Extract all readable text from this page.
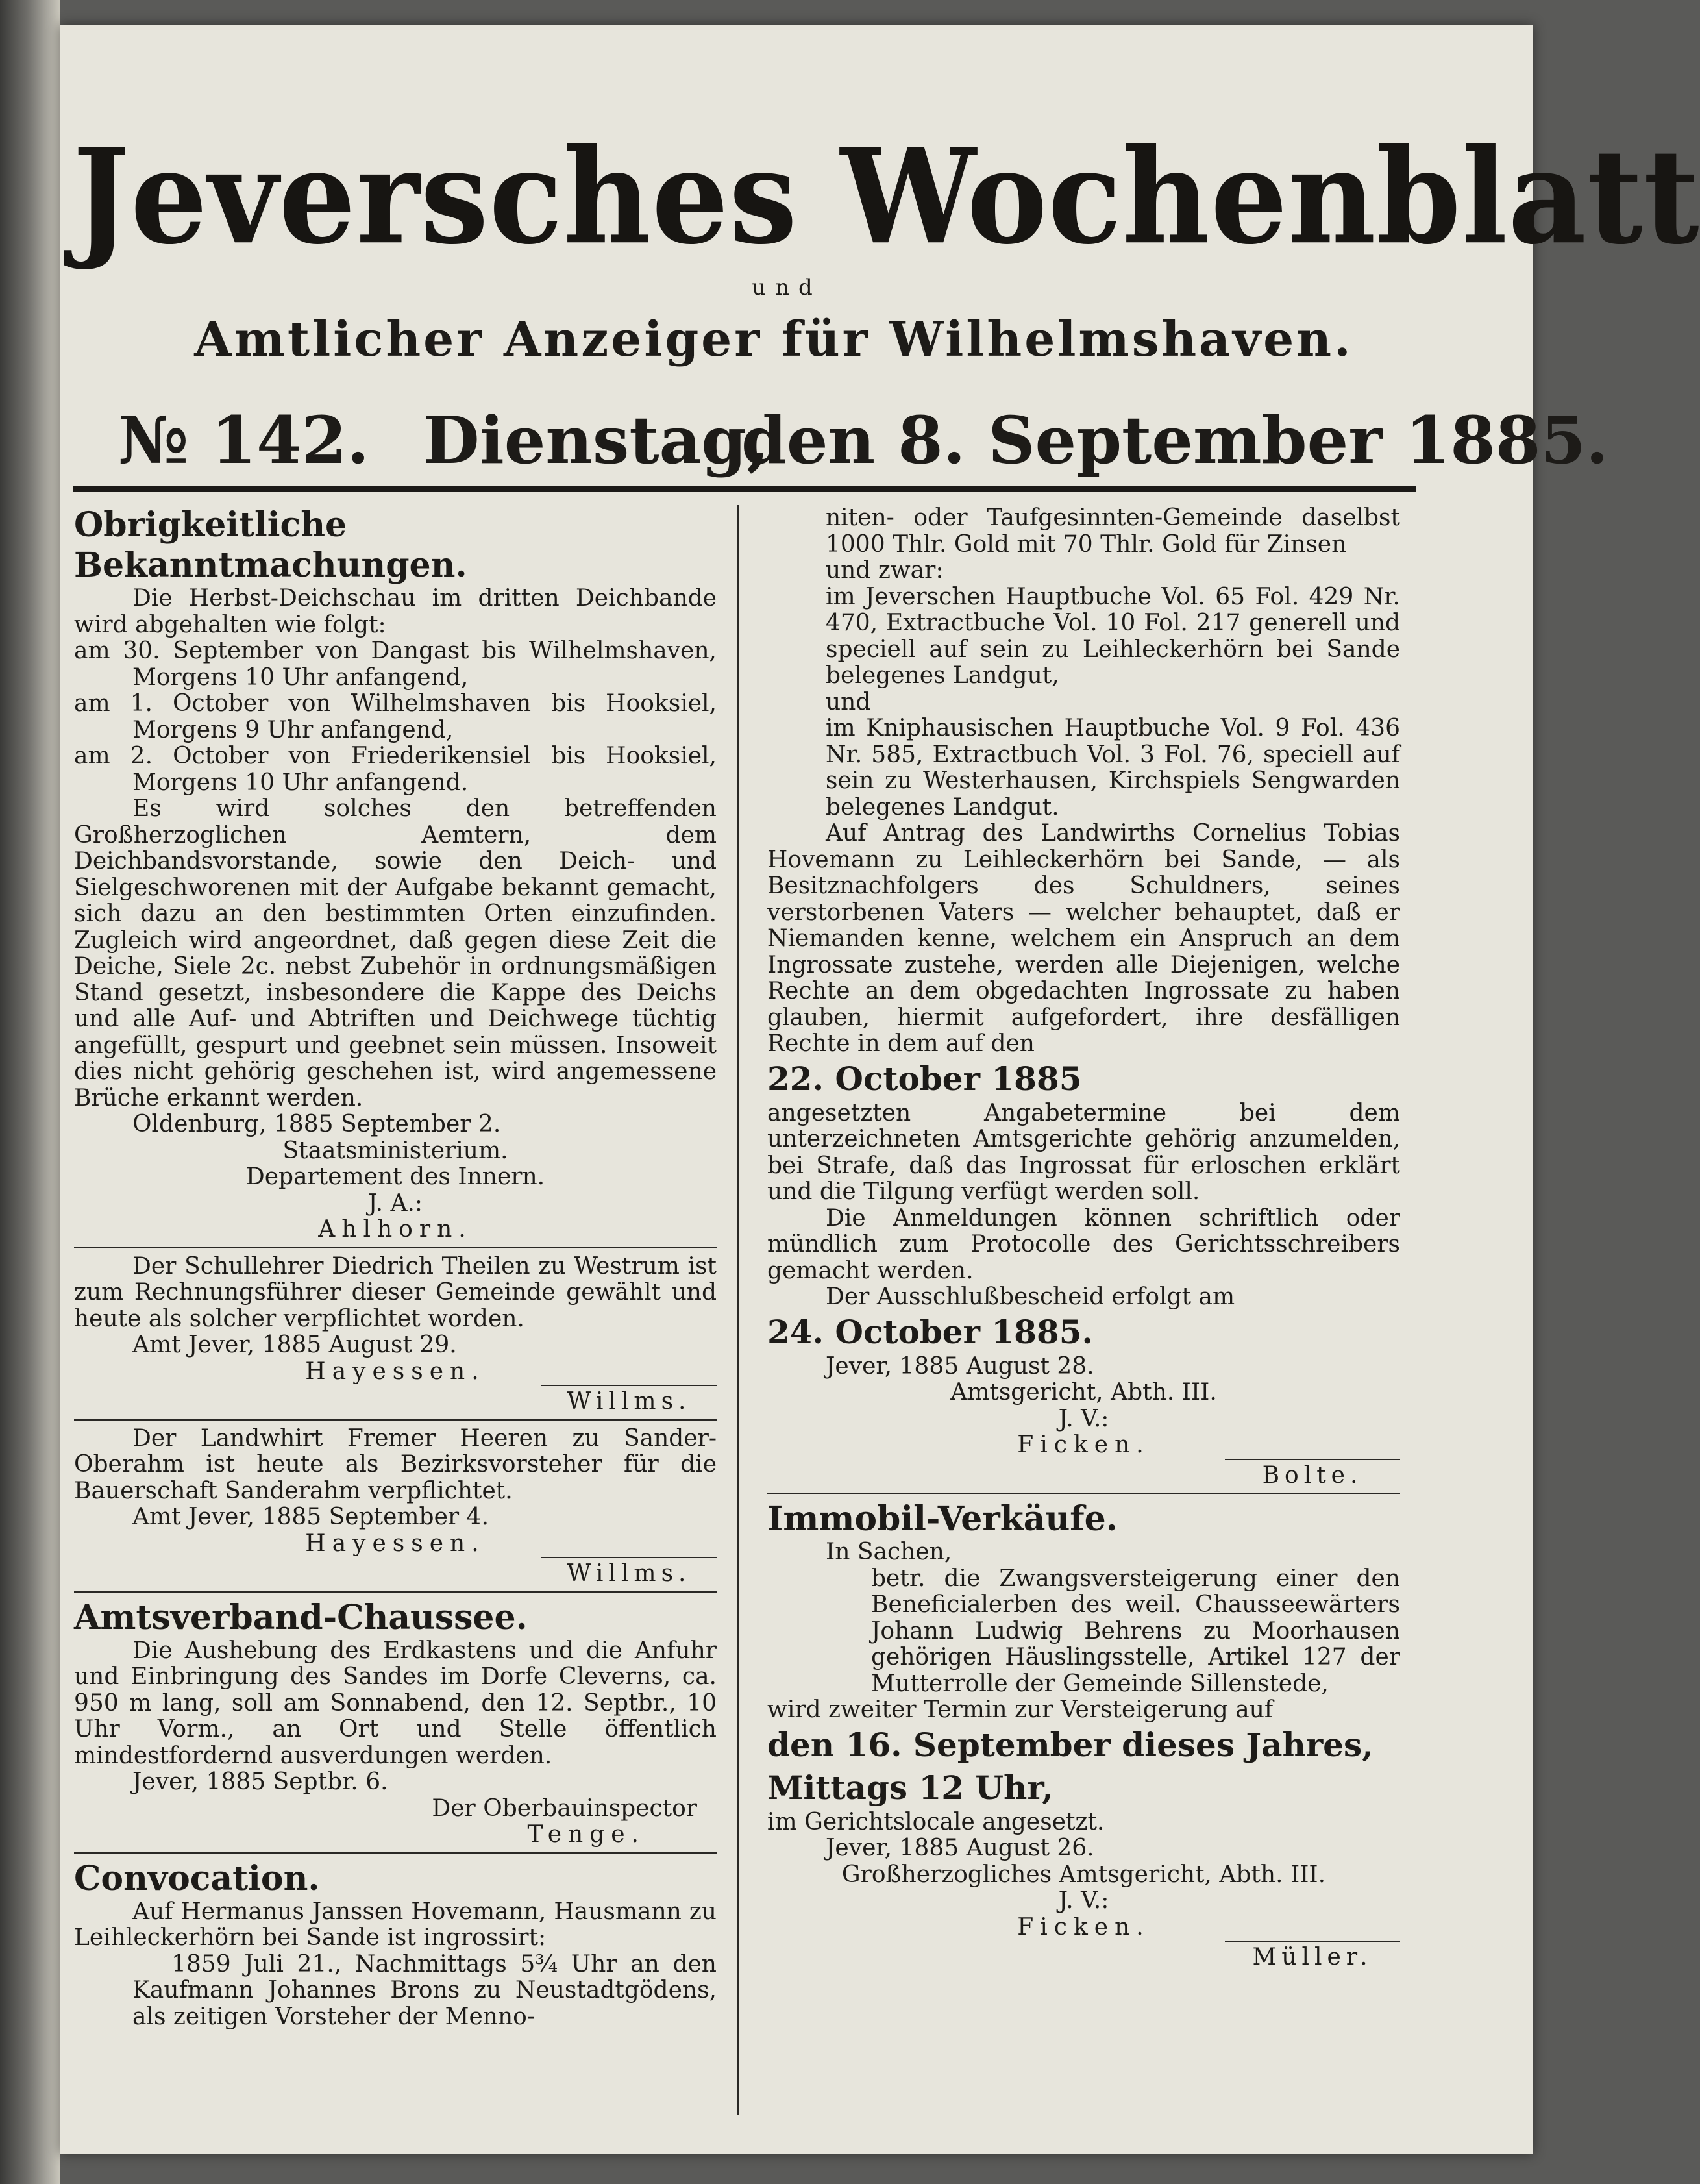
Jeversches Wochenblatt
und
Amtlicher Anzeiger für Wilhelmshaven.
№ 142. Dienstag,
den 8. September 1885.

Obrigkeitliche Bekanntmachungen.

Die Herbst-Deichschau im dritten Deichbande wird abgehalten wie folgt:

am 30. September von Dangast bis Wilhelmshaven, Morgens 10 Uhr anfangend,

am 1. October von Wilhelmshaven bis Hooksiel, Morgens 9 Uhr anfangend,

am 2. October von Friederikensiel bis Hooksiel, Morgens 10 Uhr anfangend.

Es wird solches den betreffenden Großherzoglichen Aemtern, dem Deichbandsvorstande, sowie den Deich- und Sielgeschworenen mit der Aufgabe bekannt gemacht, sich dazu an den bestimmten Orten einzufinden. Zugleich wird angeordnet, daß gegen diese Zeit die Deiche, Siele 2c. nebst Zubehör in ordnungsmäßigen Stand gesetzt, insbesondere die Kappe des Deichs und alle Auf- und Abtriften und Deichwege tüchtig angefüllt, gespurt und geebnet sein müssen. Insoweit dies nicht gehörig geschehen ist, wird angemessene Brüche erkannt werden.

Oldenburg, 1885 September 2.

Staatsministerium.

Departement des Innern.

J. A.:

Ahlhorn.

Der Schullehrer Diedrich Theilen zu Westrum ist zum Rechnungsführer dieser Gemeinde gewählt und heute als solcher verpflichtet worden.

Amt Jever, 1885 August 29.

Hayessen.

Willms.

Der Landwhirt Fremer Heeren zu Sander-Oberahm ist heute als Bezirksvorsteher für die Bauerschaft Sanderahm verpflichtet.

Amt Jever, 1885 September 4.

Hayessen.

Willms.

Amtsverband-Chaussee.

Die Aushebung des Erdkastens und die Anfuhr und Einbringung des Sandes im Dorfe Cleverns, ca. 950 m lang, soll am Sonnabend, den 12. Septbr., 10 Uhr Vorm., an Ort und Stelle öffentlich mindestfordernd ausverdungen werden.

Jever, 1885 Septbr. 6.

Der Oberbauinspector

Tenge.

Convocation.

Auf Hermanus Janssen Hovemann, Hausmann zu Leihleckerhörn bei Sande ist ingrossirt:

1859 Juli 21., Nachmittags 5¾ Uhr an den Kaufmann Johannes Brons zu Neustadtgödens, als zeitigen Vorsteher der Menno-

niten- oder Taufgesinnten-Gemeinde daselbst 1000 Thlr. Gold mit 70 Thlr. Gold für Zinsen

und zwar:

im Jeverschen Hauptbuche Vol. 65 Fol. 429 Nr. 470, Extractbuche Vol. 10 Fol. 217 generell und speciell auf sein zu Leihleckerhörn bei Sande belegenes Landgut,

und

im Kniphausischen Hauptbuche Vol. 9 Fol. 436 Nr. 585, Extractbuch Vol. 3 Fol. 76, speciell auf sein zu Westerhausen, Kirchspiels Sengwarden belegenes Landgut.

Auf Antrag des Landwirths Cornelius Tobias Hovemann zu Leihleckerhörn bei Sande, — als Besitznachfolgers des Schuldners, seines verstorbenen Vaters — welcher behauptet, daß er Niemanden kenne, welchem ein Anspruch an dem Ingrossate zustehe, werden alle Diejenigen, welche Rechte an dem obgedachten Ingrossate zu haben glauben, hiermit aufgefordert, ihre desfälligen Rechte in dem auf den

22. October 1885

angesetzten Angabetermine bei dem unterzeichneten Amtsgerichte gehörig anzumelden, bei Strafe, daß das Ingrossat für erloschen erklärt und die Tilgung verfügt werden soll.

Die Anmeldungen können schriftlich oder mündlich zum Protocolle des Gerichtsschreibers gemacht werden.

Der Ausschlußbescheid erfolgt am

24. October 1885.

Jever, 1885 August 28.

Amtsgericht, Abth. III.

J. V.:

Ficken.

Bolte.

Immobil-Verkäufe.

In Sachen,

betr. die Zwangsversteigerung einer den Beneficialerben des weil. Chausseewärters Johann Ludwig Behrens zu Moorhausen gehörigen Häuslingsstelle, Artikel 127 der Mutterrolle der Gemeinde Sillenstede,

wird zweiter Termin zur Versteigerung auf

den 16. September dieses Jahres,

Mittags 12 Uhr,

im Gerichtslocale angesetzt.

Jever, 1885 August 26.

Großherzogliches Amtsgericht, Abth. III.

J. V.:

Ficken.

Müller.
